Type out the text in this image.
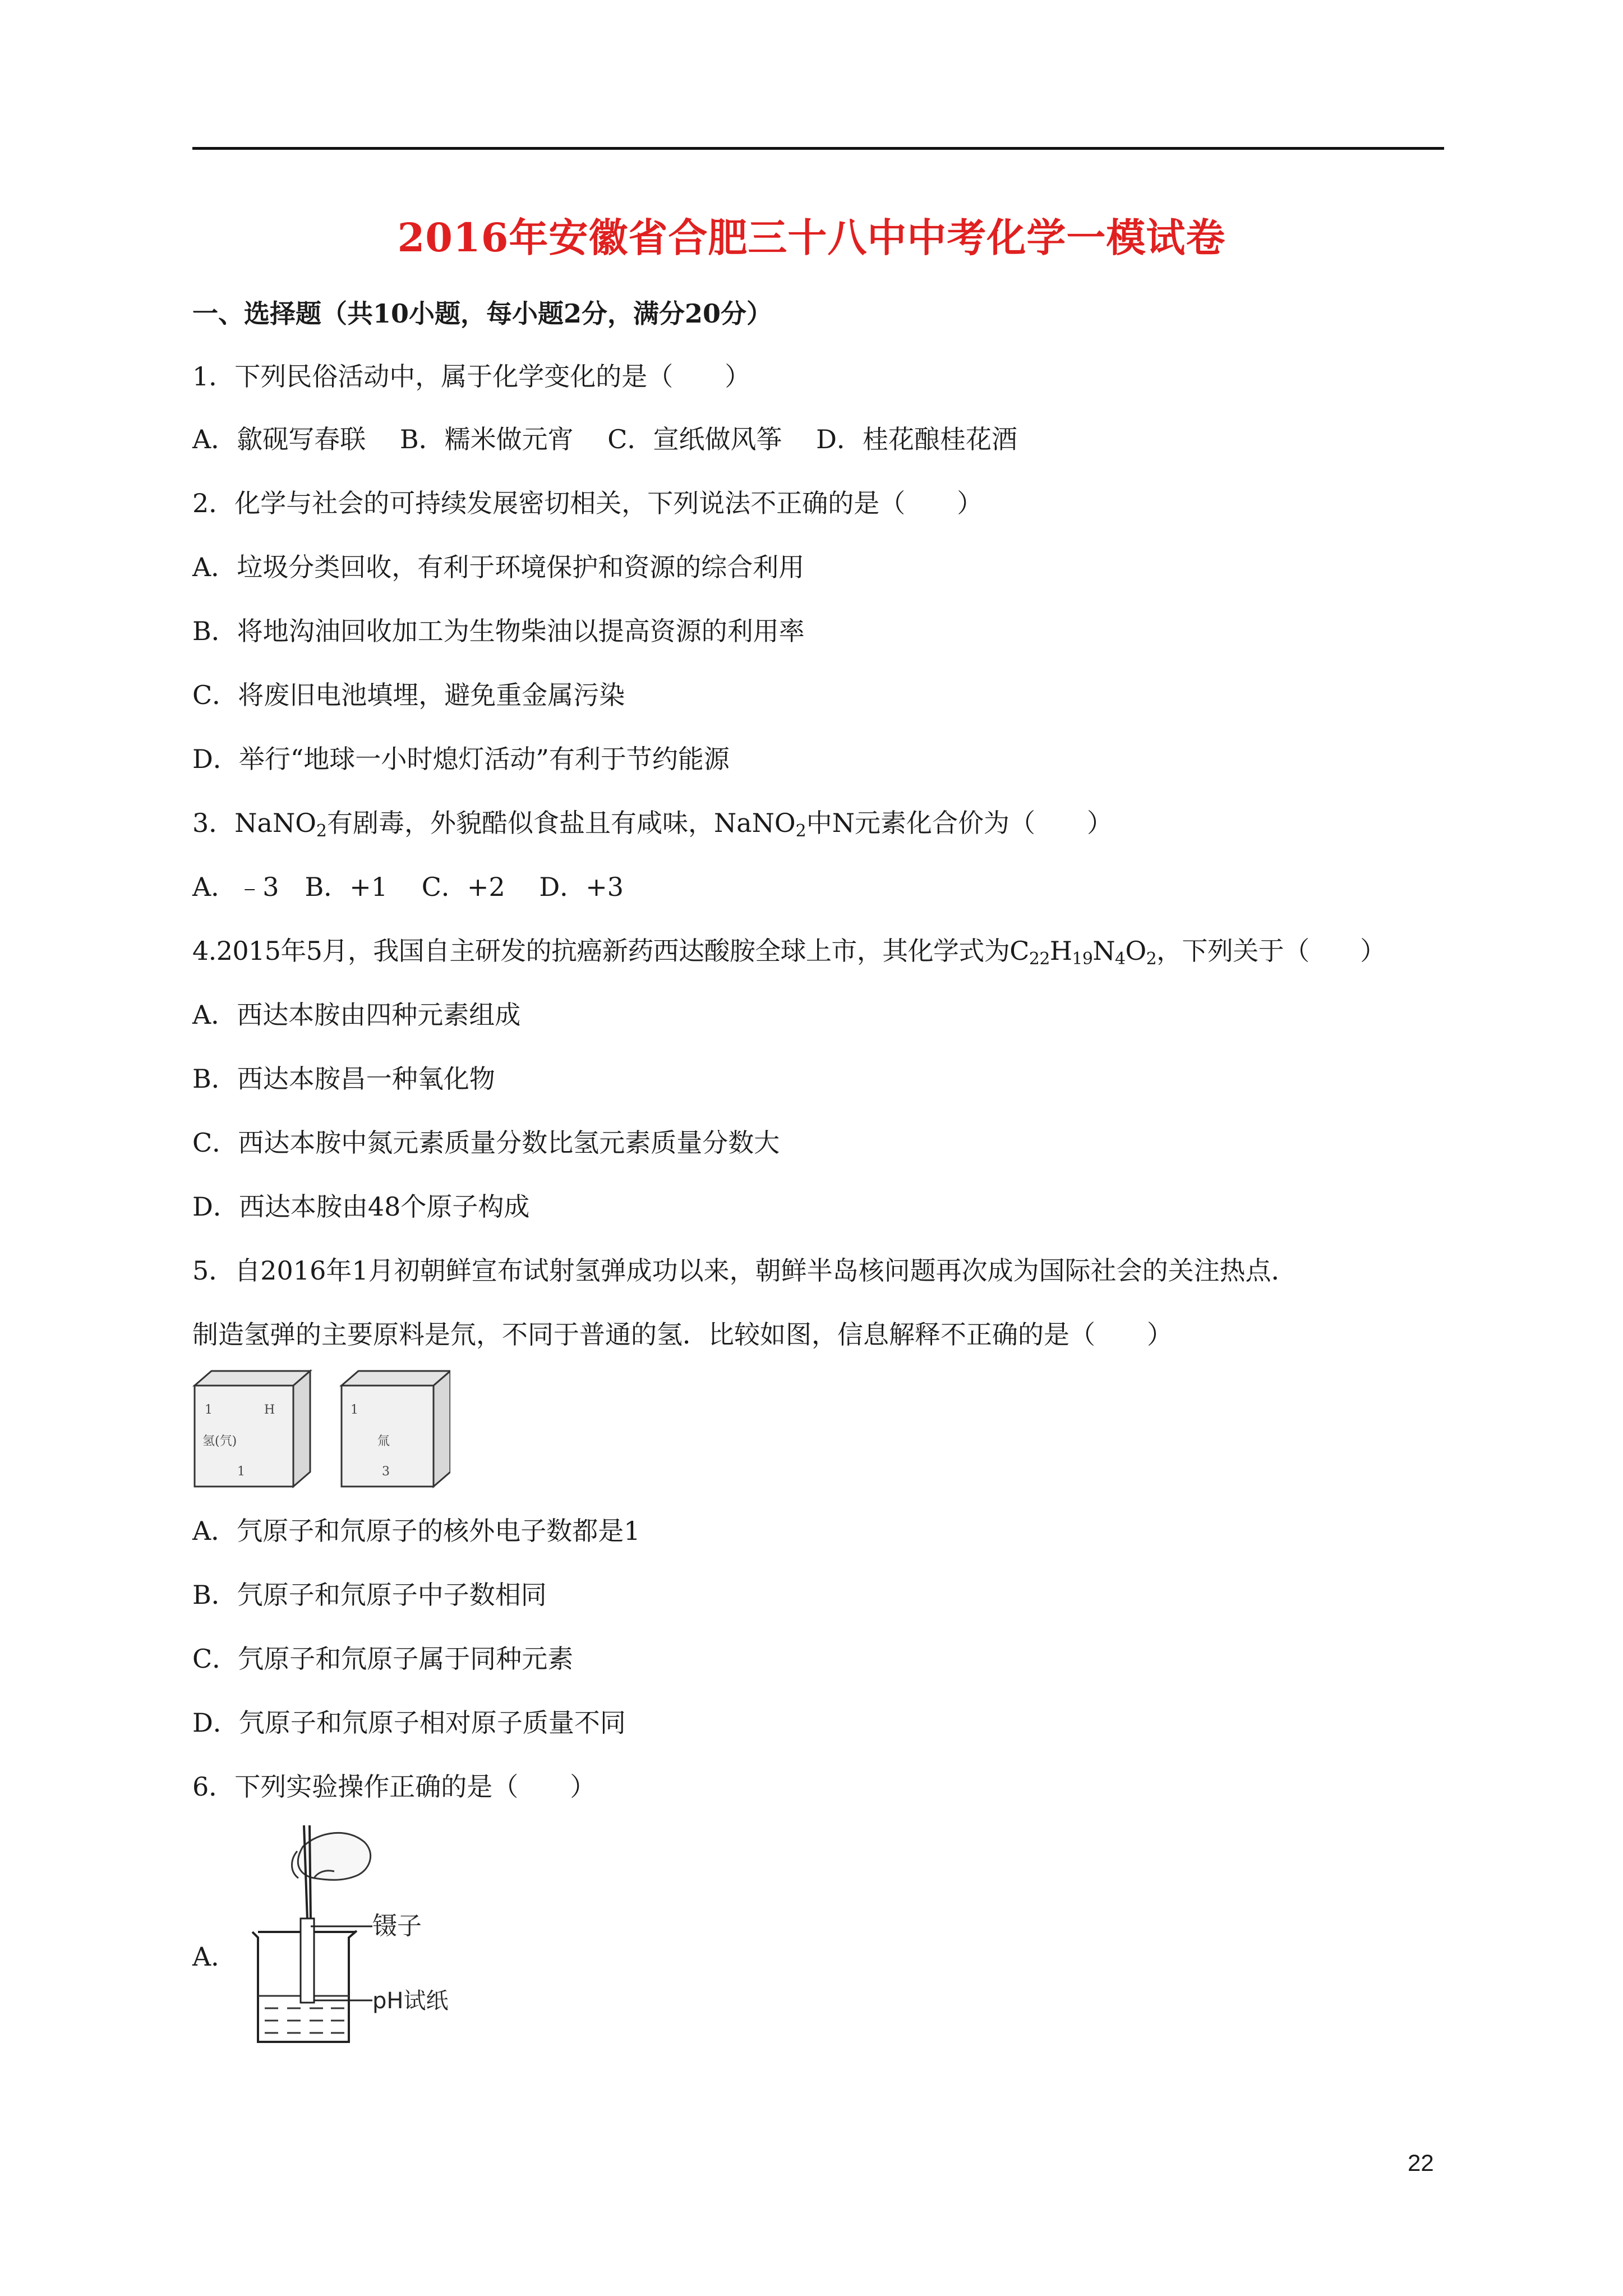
2016年安徽省合肥三十八中中考化学一模试卷
一、选择题（共10小题，每小题2分，满分20分）
1．下列民俗活动中，属于化学变化的是（　　）
A．歙砚写春联　 B．糯米做元宵　 C．宣纸做风筝　 D．桂花酿桂花酒
2．化学与社会的可持续发展密切相关，下列说法不正确的是（　　）
A．垃圾分类回收，有利于环境保护和资源的综合利用
B．将地沟油回收加工为生物柴油以提高资源的利用率
C．将废旧电池填埋，避免重金属污染
D．举行“地球一小时熄灯活动”有利于节约能源
3．NaNO$_2$有剧毒，外貌酷似食盐且有咸味，NaNO$_2$中N元素化合价为（　　）
A．﹣3　B．+1　 C．+2　 D．+3
4.2015年5月，我国自主研发的抗癌新药西达酸胺全球上市，其化学式为$C_{22}H_{19}N_4O_2$，下列关于（　　）
A．西达本胺由四种元素组成
B．西达本胺昌一种氧化物
C．西达本胺中氮元素质量分数比氢元素质量分数大
D．西达本胺由48个原子构成
5．自2016年1月初朝鲜宣布试射氢弹成功以来，朝鲜半岛核问题再次成为国际社会的关注热点．
制造氢弹的主要原料是氘，不同于普通的氢．比较如图，信息解释不正确的是（　　）
1	H
氢(氕)
1
1
氚
3
A．氕原子和氘原子的核外电子数都是1
B．氕原子和氘原子中子数相同
C．氕原子和氘原子属于同种元素
D．氕原子和氘原子相对原子质量不同
6．下列实验操作正确的是（　　）
A．
镊子
pH试纸
22
